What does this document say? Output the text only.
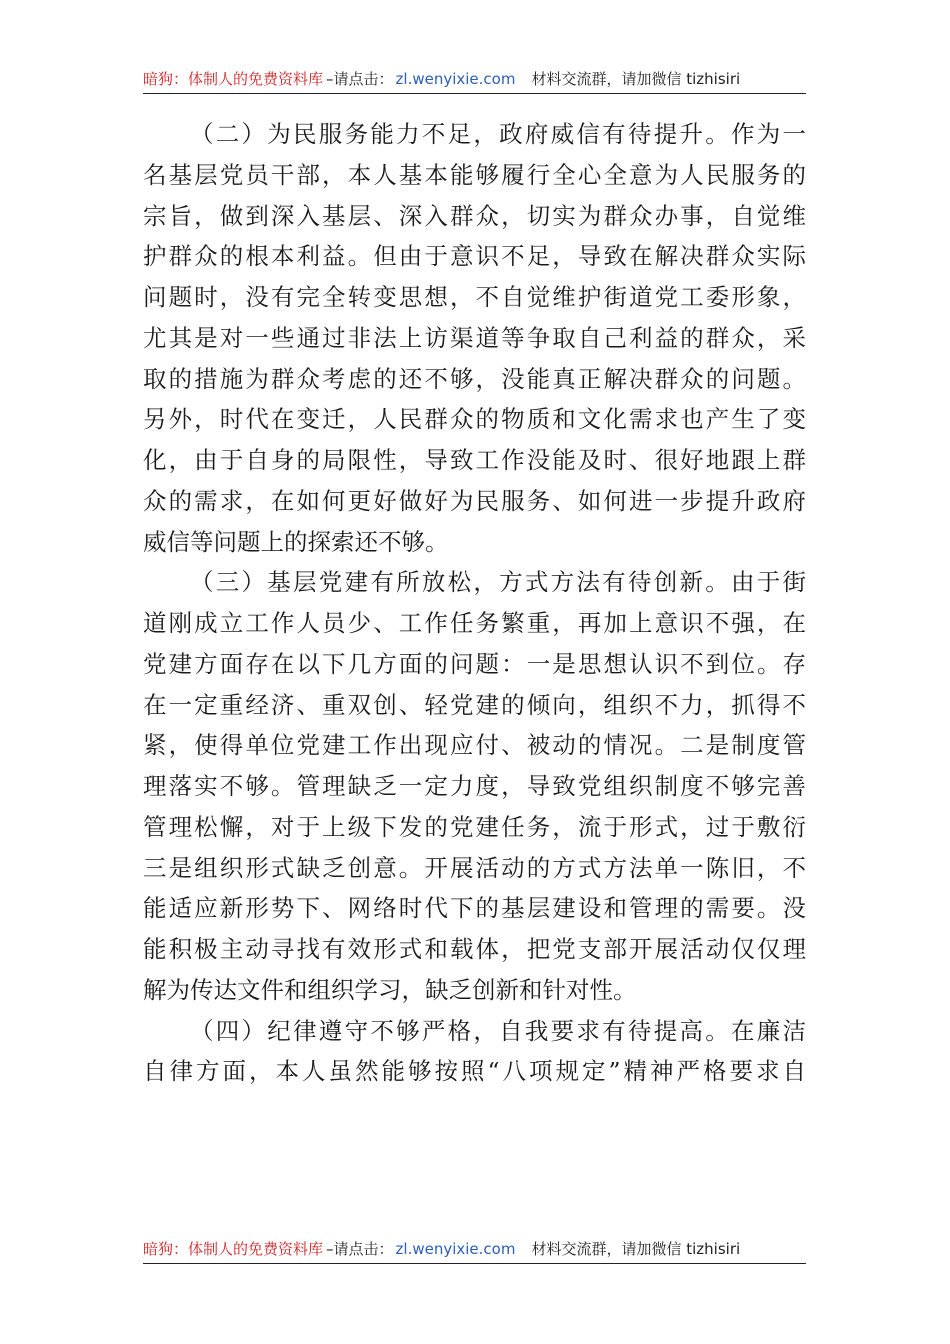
暗狗：体制人的免费资料库 –请点击： zl.wenyixie.com 材料交流群，请加微信 tizhisiri
（二）为民服务能力不足，政府威信有待提升。作为一
名基层党员干部，本人基本能够履行全心全意为人民服务的
宗旨，做到深入基层、深入群众，切实为群众办事，自觉维
护群众的根本利益。但由于意识不足，导致在解决群众实际
问题时，没有完全转变思想，不自觉维护街道党工委形象，
尤其是对一些通过非法上访渠道等争取自己利益的群众，采
取的措施为群众考虑的还不够，没能真正解决群众的问题。
另外，时代在变迁，人民群众的物质和文化需求也产生了变
化，由于自身的局限性，导致工作没能及时、很好地跟上群
众的需求，在如何更好做好为民服务、如何进一步提升政府
威信等问题上的探索还不够。
（三）基层党建有所放松，方式方法有待创新。由于街
道刚成立工作人员少、工作任务繁重，再加上意识不强，在
党建方面存在以下几方面的问题：一是思想认识不到位。存
在一定重经济、重双创、轻党建的倾向，组织不力，抓得不
紧，使得单位党建工作出现应付、被动的情况。二是制度管
理落实不够。管理缺乏一定力度，导致党组织制度不够完善
管理松懈，对于上级下发的党建任务，流于形式，过于敷衍
三是组织形式缺乏创意。开展活动的方式方法单一陈旧，不
能适应新形势下、网络时代下的基层建设和管理的需要。没
能积极主动寻找有效形式和载体，把党支部开展活动仅仅理
解为传达文件和组织学习，缺乏创新和针对性。
（四）纪律遵守不够严格，自我要求有待提高。在廉洁
自律方面，本人虽然能够按照“八项规定”精神严格要求自
暗狗：体制人的免费资料库 –请点击： zl.wenyixie.com 材料交流群，请加微信 tizhisiri
